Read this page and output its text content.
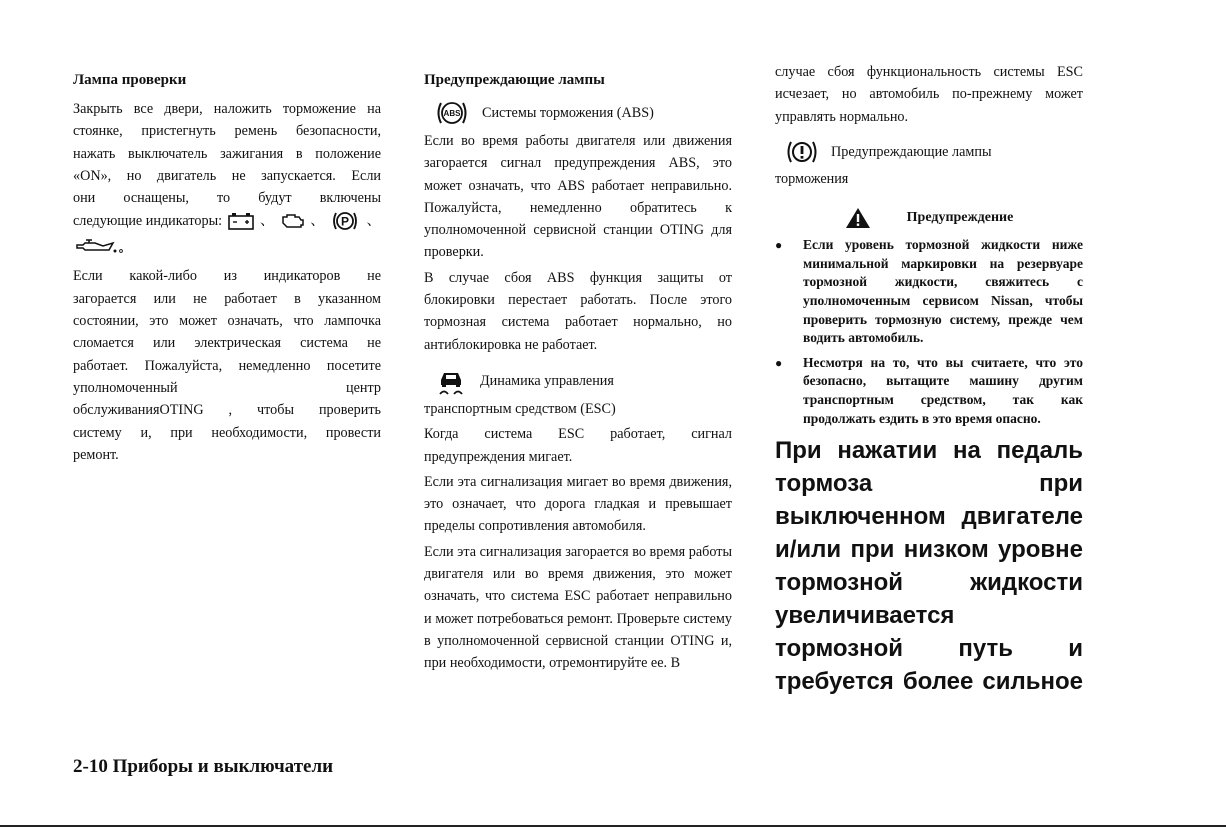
Лампа проверки

Закрыть все двери, наложить торможение на
стоянке, пристегнуть ремень безопасности,
нажать выключатель зажигания в положение
«ON», но двигатель не запускается. Если
они оснащены, то будут включены

следующие индикаторы:	、	、 P 、

Если какой-либо из индикаторов не
загорается или не работает в указанном
состоянии, это может означать, что лампочка
сломается или электрическая система не
работает. Пожалуйста, немедленно посетите
уполномоченный центр
обслуживанияOTING , чтобы проверить
систему и, при необходимости, провести
ремонт.

Предупреждающие лампы
ABS Системы торможения (ABS)

Если во время работы двигателя или движения загорается сигнал предупреждения ABS, это может означать, что ABS работает неправильно. Пожалуйста, немедленно обратитесь к уполномоченной сервисной станции OTING для проверки.

В случае сбоя ABS функция защиты от блокировки перестает работать. После этого тормозная система работает нормально, но антиблокировка не работает.

Динамика управления

транспортным средством (ESC)

Когда система ESC работает, сигнал предупреждения мигает.

Если эта сигнализация мигает во время движения, это означает, что дорога гладкая и превышает пределы сопротивления автомобиля.

Если эта сигнализация загорается во время работы двигателя или во время движения, это может означать, что система ESC работает неправильно и может потребоваться ремонт. Проверьте систему в уполномоченной сервисной станции OTING и, при необходимости, отремонтируйте ее. В

случае сбоя функциональность системы ESC исчезает, но автомобиль по-прежнему может управлять нормально.

Предупреждающие лампы

торможения

Предупреждение
● Если уровень тормозной жидкости ниже минимальной маркировки на резервуаре тормозной жидкости, свяжитесь с уполномоченным сервисом Nissan, чтобы проверить тормозную систему, прежде чем водить автомобиль.
● Несмотря на то, что вы считаете, что это безопасно, вытащите машину другим транспортным средством, так как продолжать ездить в это время опасно.
При нажатии на педаль
тормоза при
выключенном двигателе
и/или при низком уровне
тормозной жидкости
увеличивается
тормозной путь и
требуется более сильное
2-10 Приборы и выключатели
